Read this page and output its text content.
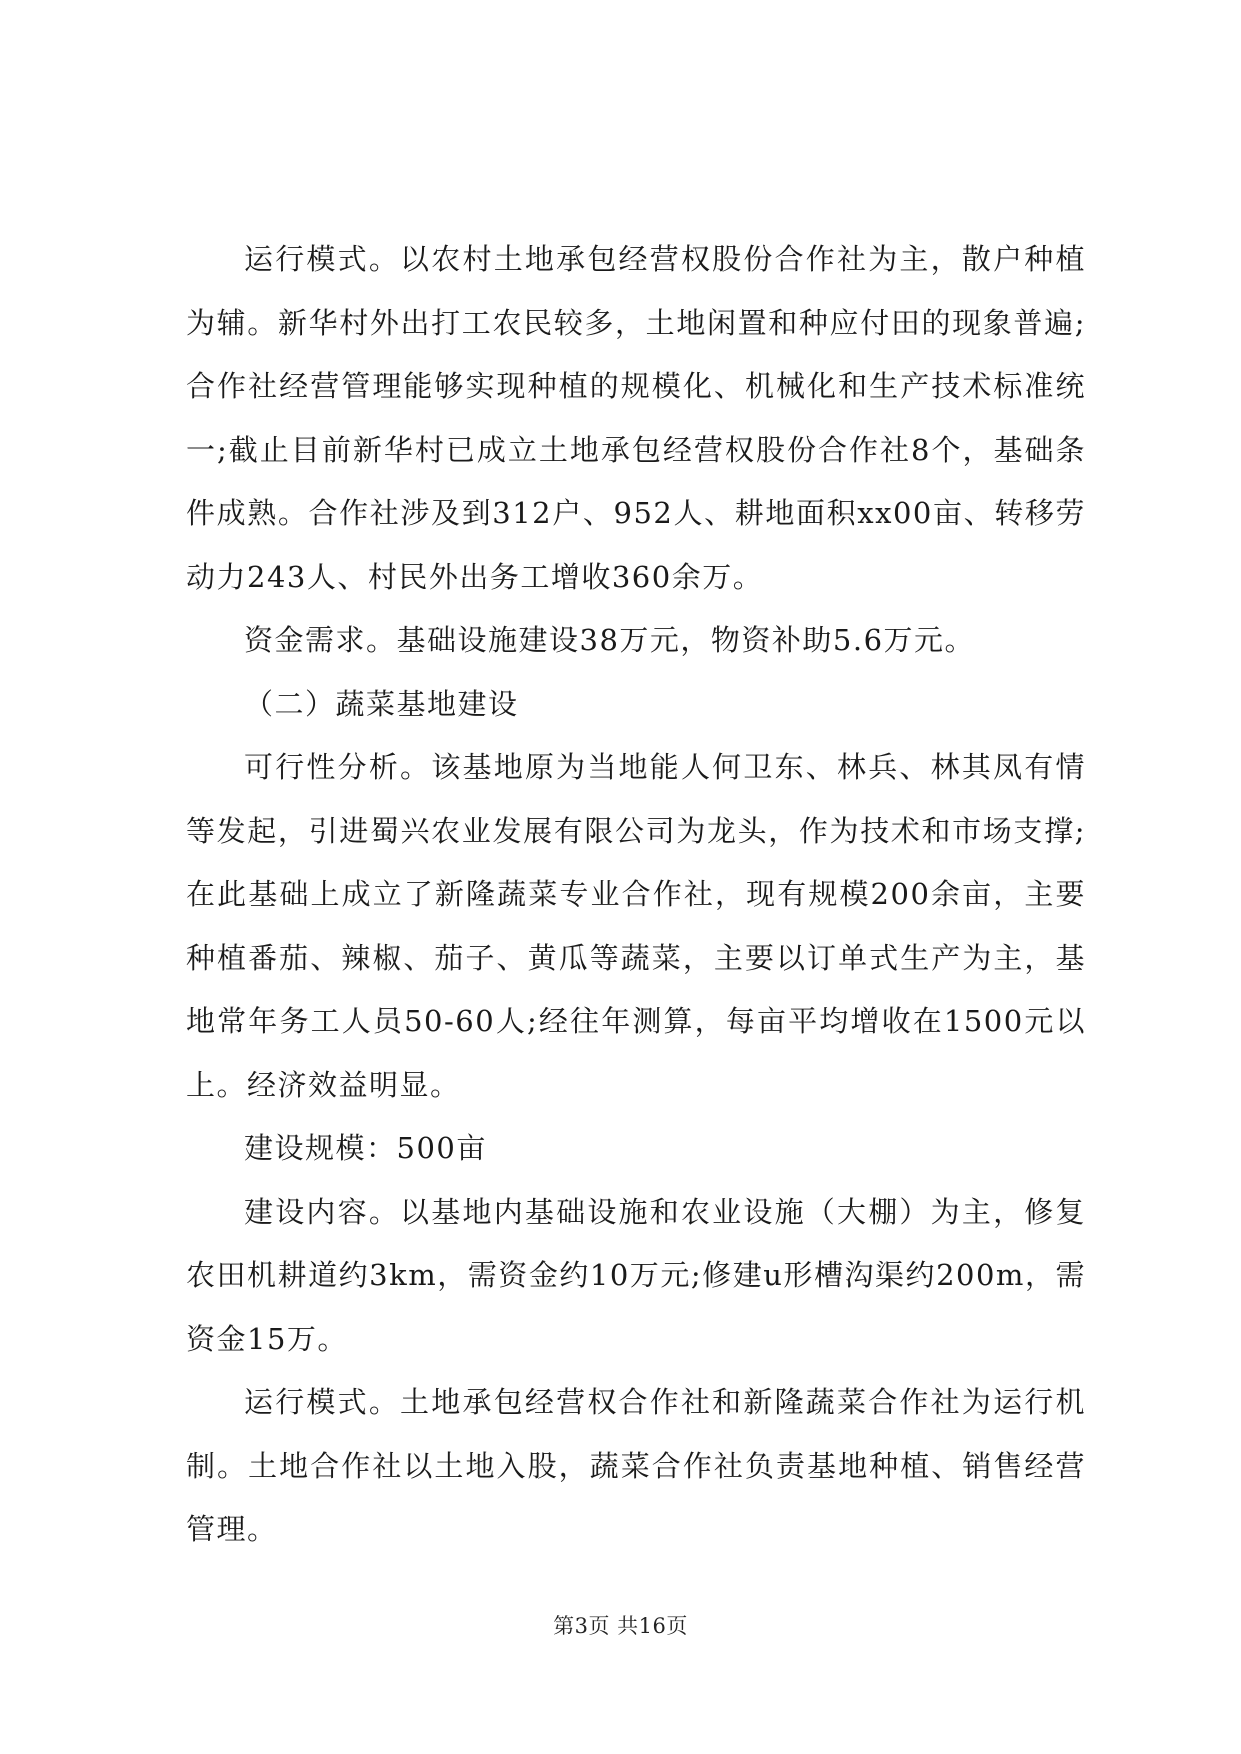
运行模式。以农村土地承包经营权股份合作社为主，散户种植为辅。新华村外出打工农民较多，土地闲置和种应付田的现象普遍;合作社经营管理能够实现种植的规模化、机械化和生产技术标准统一;截止目前新华村已成立土地承包经营权股份合作社8个，基础条件成熟。合作社涉及到312户、952人、耕地面积xx00亩、转移劳动力243人、村民外出务工增收360余万。

资金需求。基础设施建设38万元，物资补助5.6万元。

（二）蔬菜基地建设

可行性分析。该基地原为当地能人何卫东、林兵、林其凤有情等发起，引进蜀兴农业发展有限公司为龙头，作为技术和市场支撑;在此基础上成立了新隆蔬菜专业合作社，现有规模200余亩，主要种植番茄、辣椒、茄子、黄瓜等蔬菜，主要以订单式生产为主，基地常年务工人员50-60人;经往年测算，每亩平均增收在1500元以上。经济效益明显。

建设规模：500亩

建设内容。以基地内基础设施和农业设施（大棚）为主，修复农田机耕道约3km，需资金约10万元;修建u形槽沟渠约200m，需资金15万。

运行模式。土地承包经营权合作社和新隆蔬菜合作社为运行机制。土地合作社以土地入股，蔬菜合作社负责基地种植、销售经营管理。

第3页 共16页
